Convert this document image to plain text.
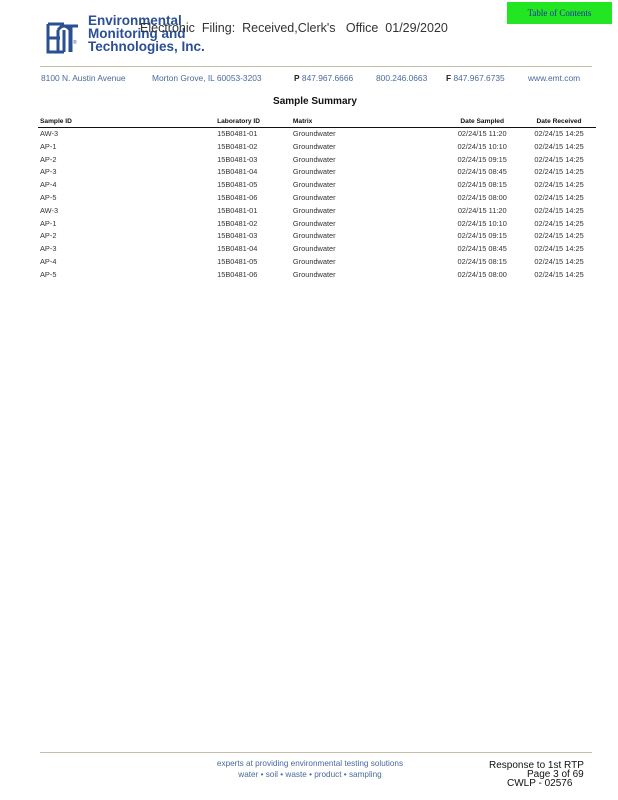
Environmental
Monitoring and
Technologies, Inc.
®
Electronic  Filing:  Received,Clerk's   Office  01/29/2020
Table of Contents
8100 N. Austin Avenue	Morton Grove, IL 60053-3203	P 847.967.6666	800.246.0663 F 847.967.6735	www.emt.com
Sample Summary
Sample ID	Laboratory ID	Matrix	Date Sampled	Date Received
AW-3	15B0481-01	Groundwater	02/24/15 11:20	02/24/15 14:25
AP-1	15B0481-02	Groundwater	02/24/15 10:10	02/24/15 14:25
AP-2	15B0481-03	Groundwater	02/24/15 09:15	02/24/15 14:25
AP-3	15B0481-04	Groundwater	02/24/15 08:45	02/24/15 14:25
AP-4	15B0481-05	Groundwater	02/24/15 08:15	02/24/15 14:25
AP-5	15B0481-06	Groundwater	02/24/15 08:00	02/24/15 14:25
AW-3	15B0481-01	Groundwater	02/24/15 11:20	02/24/15 14:25
AP-1	15B0481-02	Groundwater	02/24/15 10:10	02/24/15 14:25
AP-2	15B0481-03	Groundwater	02/24/15 09:15	02/24/15 14:25
AP-3	15B0481-04	Groundwater	02/24/15 08:45	02/24/15 14:25
AP-4	15B0481-05	Groundwater	02/24/15 08:15	02/24/15 14:25
AP-5	15B0481-06	Groundwater	02/24/15 08:00	02/24/15 14:25
experts at providing environmental testing solutions
water • soil • waste • product • sampling
Response to 1st RTP
Page 3 of 69
CWLP - 02576
